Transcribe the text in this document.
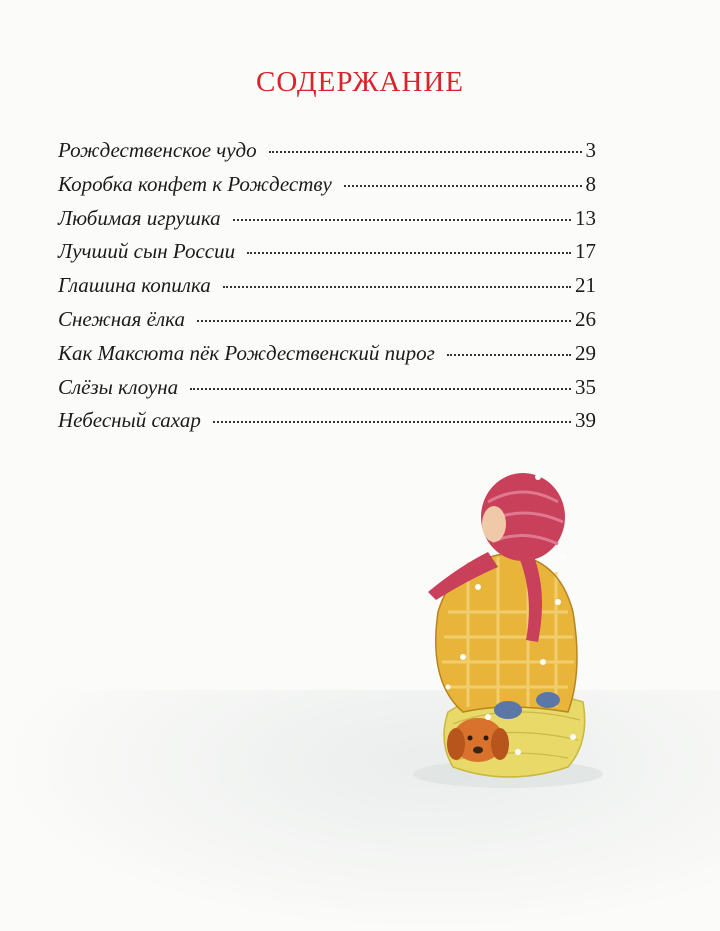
СОДЕРЖАНИЕ
Рождественское чудо	3
Коробка конфет к Рождеству	8
Любимая игрушка	13
Лучший сын России	17
Глашина копилка	21
Снежная ёлка	26
Как Максюта пёк Рождественский пирог	29
Слёзы клоуна	35
Небесный сахар	39
